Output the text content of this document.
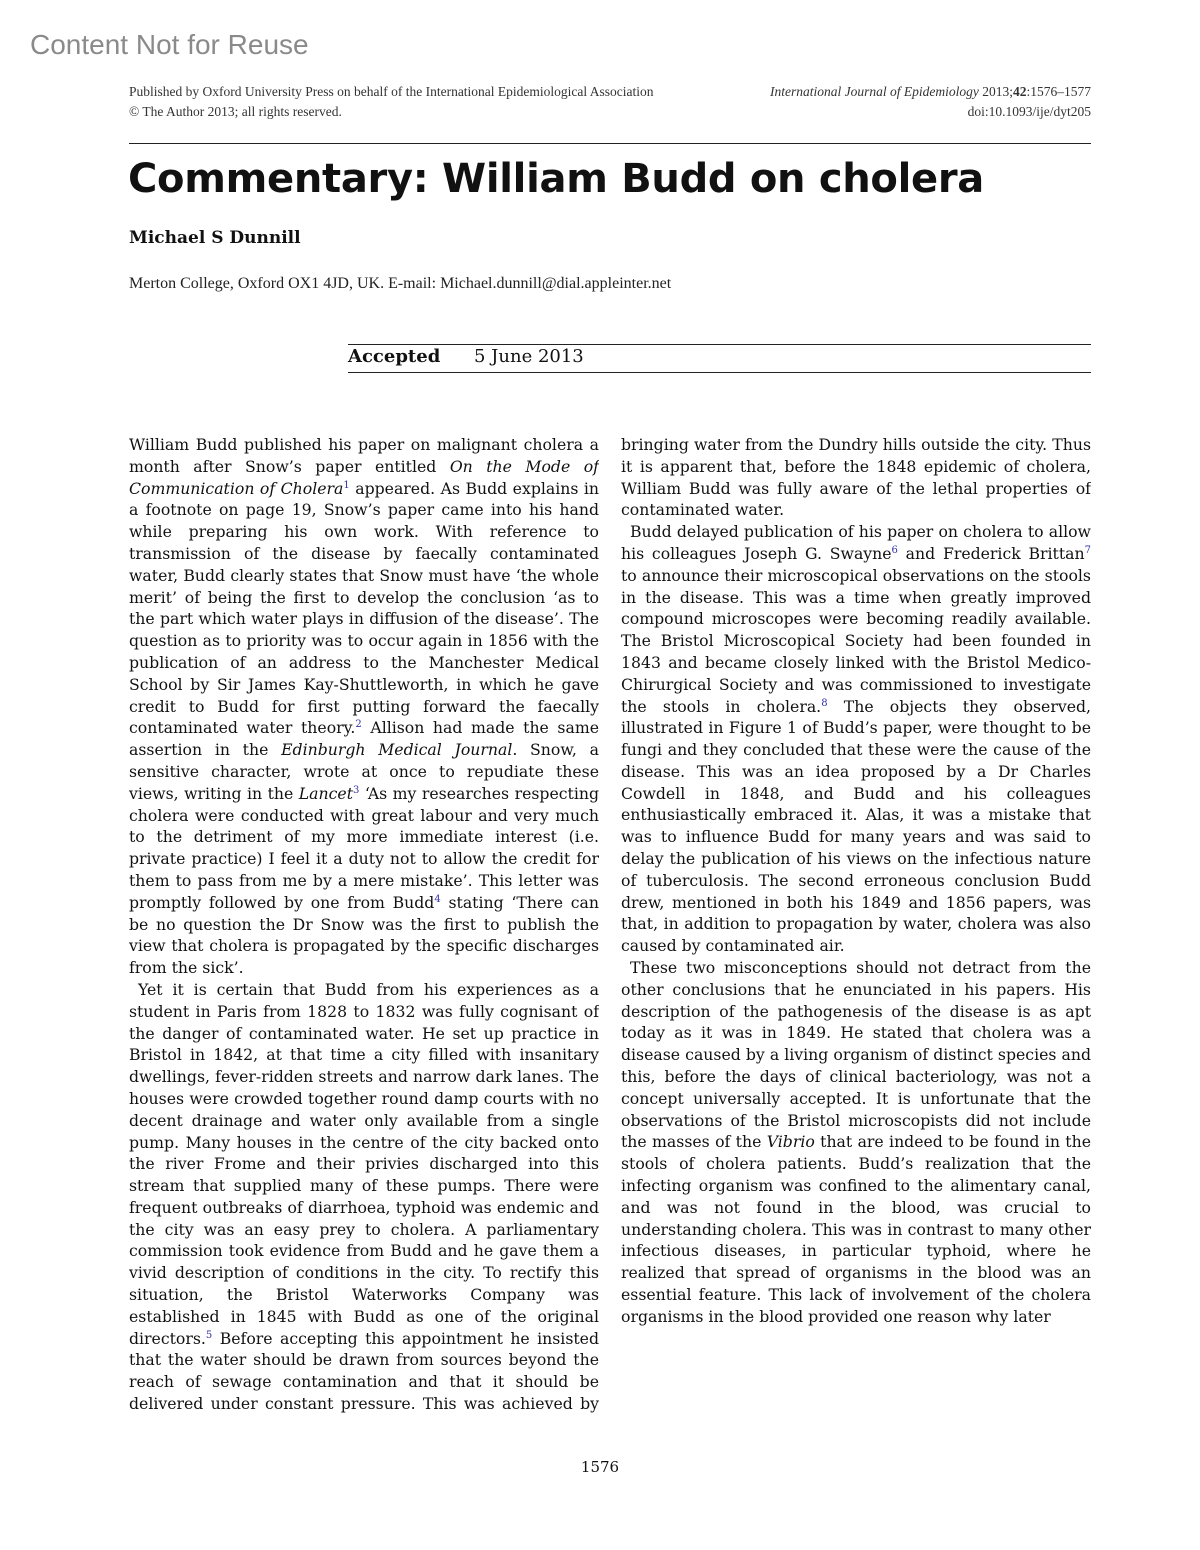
Content Not for Reuse
Published by Oxford University Press on behalf of the International Epidemiological Association
© The Author 2013; all rights reserved.
International Journal of Epidemiology 2013;42:1576–1577
doi:10.1093/ije/dyt205
Commentary: William Budd on cholera
Michael S Dunnill
Merton College, Oxford OX1 4JD, UK. E-mail: Michael.dunnill@dial.appleinter.net
Accepted 5 June 2013

William Budd published his paper on malignant cholera a month after Snow’s paper entitled On the Mode of Communication of Cholera$^1$ appeared. As Budd explains in a footnote on page 19, Snow’s paper came into his hand while preparing his own work. With reference to transmission of the disease by faecally contaminated water, Budd clearly states that Snow must have ‘the whole merit’ of being the first to develop the conclusion ‘as to the part which water plays in diffusion of the disease’. The question as to priority was to occur again in 1856 with the publication of an address to the Manchester Medical School by Sir James Kay-Shuttleworth, in which he gave credit to Budd for first putting forward the faecally contaminated water theory.$^2$ Allison had made the same assertion in the Edinburgh Medical Journal. Snow, a sensitive character, wrote at once to repudiate these views, writing in the Lancet$^3$ ‘As my researches respecting cholera were conducted with great labour and very much to the detriment of my more immediate interest (i.e. private practice) I feel it a duty not to allow the credit for them to pass from me by a mere mistake’. This letter was promptly followed by one from Budd$^4$ stating ‘There can be no question the Dr Snow was the first to publish the view that cholera is propagated by the specific discharges from the sick’.

Yet it is certain that Budd from his experiences as a student in Paris from 1828 to 1832 was fully cognisant of the danger of contaminated water. He set up practice in Bristol in 1842, at that time a city filled with insanitary dwellings, fever-ridden streets and narrow dark lanes. The houses were crowded together round damp courts with no decent drainage and water only available from a single pump. Many houses in the centre of the city backed onto the river Frome and their privies discharged into this stream that supplied many of these pumps. There were frequent outbreaks of diarrhoea, typhoid was endemic and the city was an easy prey to cholera. A parliamentary commission took evidence from Budd and he gave them a vivid description of conditions in the city. To rectify this situation, the Bristol Waterworks Company was established in 1845 with Budd as one of the original directors.$^5$ Before accepting this appointment he insisted that the water should be drawn from sources beyond the reach of sewage contamination and that it should be delivered under constant pressure. This was achieved by

bringing water from the Dundry hills outside the city. Thus it is apparent that, before the 1848 epidemic of cholera, William Budd was fully aware of the lethal properties of contaminated water.

Budd delayed publication of his paper on cholera to allow his colleagues Joseph G. Swayne$^6$ and Frederick Brittan$^7$ to announce their microscopical observations on the stools in the disease. This was a time when greatly improved compound microscopes were becoming readily available. The Bristol Microscopical Society had been founded in 1843 and became closely linked with the Bristol Medico-Chirurgical Society and was commissioned to investigate the stools in cholera.$^8$ The objects they observed, illustrated in Figure 1 of Budd’s paper, were thought to be fungi and they concluded that these were the cause of the disease. This was an idea proposed by a Dr Charles Cowdell in 1848, and Budd and his colleagues enthusiastically embraced it. Alas, it was a mistake that was to influence Budd for many years and was said to delay the publication of his views on the infectious nature of tuberculosis. The second erroneous conclusion Budd drew, mentioned in both his 1849 and 1856 papers, was that, in addition to propagation by water, cholera was also caused by contaminated air.

These two misconceptions should not detract from the other conclusions that he enunciated in his papers. His description of the pathogenesis of the disease is as apt today as it was in 1849. He stated that cholera was a disease caused by a living organism of distinct species and this, before the days of clinical bacteriology, was not a concept universally accepted. It is unfortunate that the observations of the Bristol microscopists did not include the masses of the Vibrio that are indeed to be found in the stools of cholera patients. Budd’s realization that the infecting organism was confined to the alimentary canal, and was not found in the blood, was crucial to understanding cholera. This was in contrast to many other infectious diseases, in particular typhoid, where he realized that spread of organisms in the blood was an essential feature. This lack of involvement of the cholera organisms in the blood provided one reason why later

1576
